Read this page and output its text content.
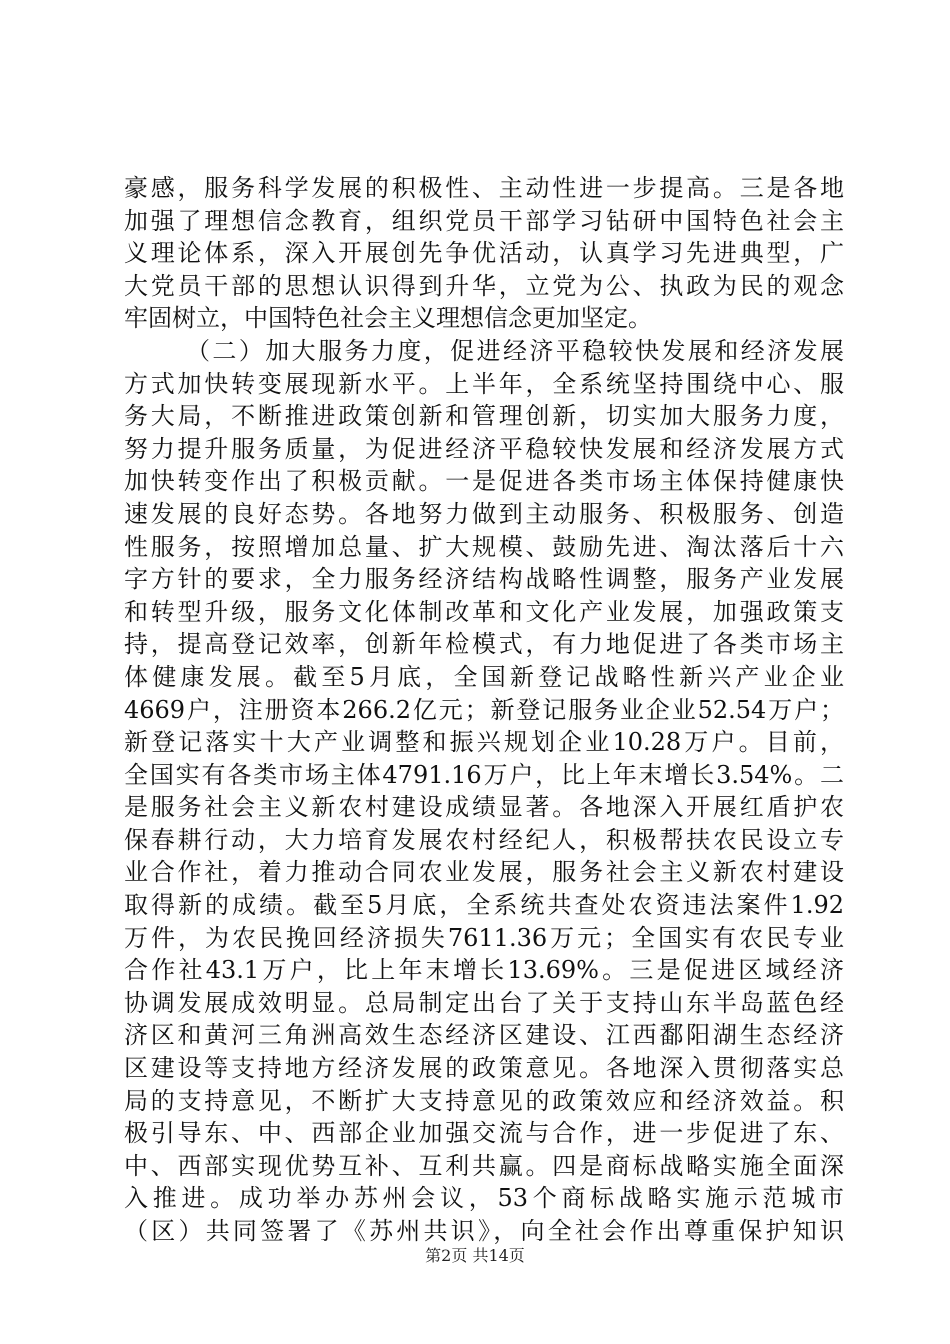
豪感，服务科学发展的积极性、主动性进一步提高。三是各地
加强了理想信念教育，组织党员干部学习钻研中国特色社会主
义理论体系，深入开展创先争优活动，认真学习先进典型，广
大党员干部的思想认识得到升华，立党为公、执政为民的观念
牢固树立，中国特色社会主义理想信念更加坚定。
（二）加大服务力度，促进经济平稳较快发展和经济发展
方式加快转变展现新水平。上半年，全系统坚持围绕中心、服
务大局，不断推进政策创新和管理创新，切实加大服务力度，
努力提升服务质量，为促进经济平稳较快发展和经济发展方式
加快转变作出了积极贡献。一是促进各类市场主体保持健康快
速发展的良好态势。各地努力做到主动服务、积极服务、创造
性服务，按照增加总量、扩大规模、鼓励先进、淘汰落后十六
字方针的要求，全力服务经济结构战略性调整，服务产业发展
和转型升级，服务文化体制改革和文化产业发展，加强政策支
持，提高登记效率，创新年检模式，有力地促进了各类市场主
体健康发展。截至5月底，全国新登记战略性新兴产业企业
4669户，注册资本266.2亿元；新登记服务业企业52.54万户；
新登记落实十大产业调整和振兴规划企业10.28万户。目前，
全国实有各类市场主体4791.16万户，比上年末增长3.54%。二
是服务社会主义新农村建设成绩显著。各地深入开展红盾护农
保春耕行动，大力培育发展农村经纪人，积极帮扶农民设立专
业合作社，着力推动合同农业发展，服务社会主义新农村建设
取得新的成绩。截至5月底，全系统共查处农资违法案件1.92
万件，为农民挽回经济损失7611.36万元；全国实有农民专业
合作社43.1万户，比上年末增长13.69%。三是促进区域经济
协调发展成效明显。总局制定出台了关于支持山东半岛蓝色经
济区和黄河三角洲高效生态经济区建设、江西鄱阳湖生态经济
区建设等支持地方经济发展的政策意见。各地深入贯彻落实总
局的支持意见，不断扩大支持意见的政策效应和经济效益。积
极引导东、中、西部企业加强交流与合作，进一步促进了东、
中、西部实现优势互补、互利共赢。四是商标战略实施全面深
入推进。成功举办苏州会议，53个商标战略实施示范城市
（区）共同签署了《苏州共识》，向全社会作出尊重保护知识
第2页 共14页
